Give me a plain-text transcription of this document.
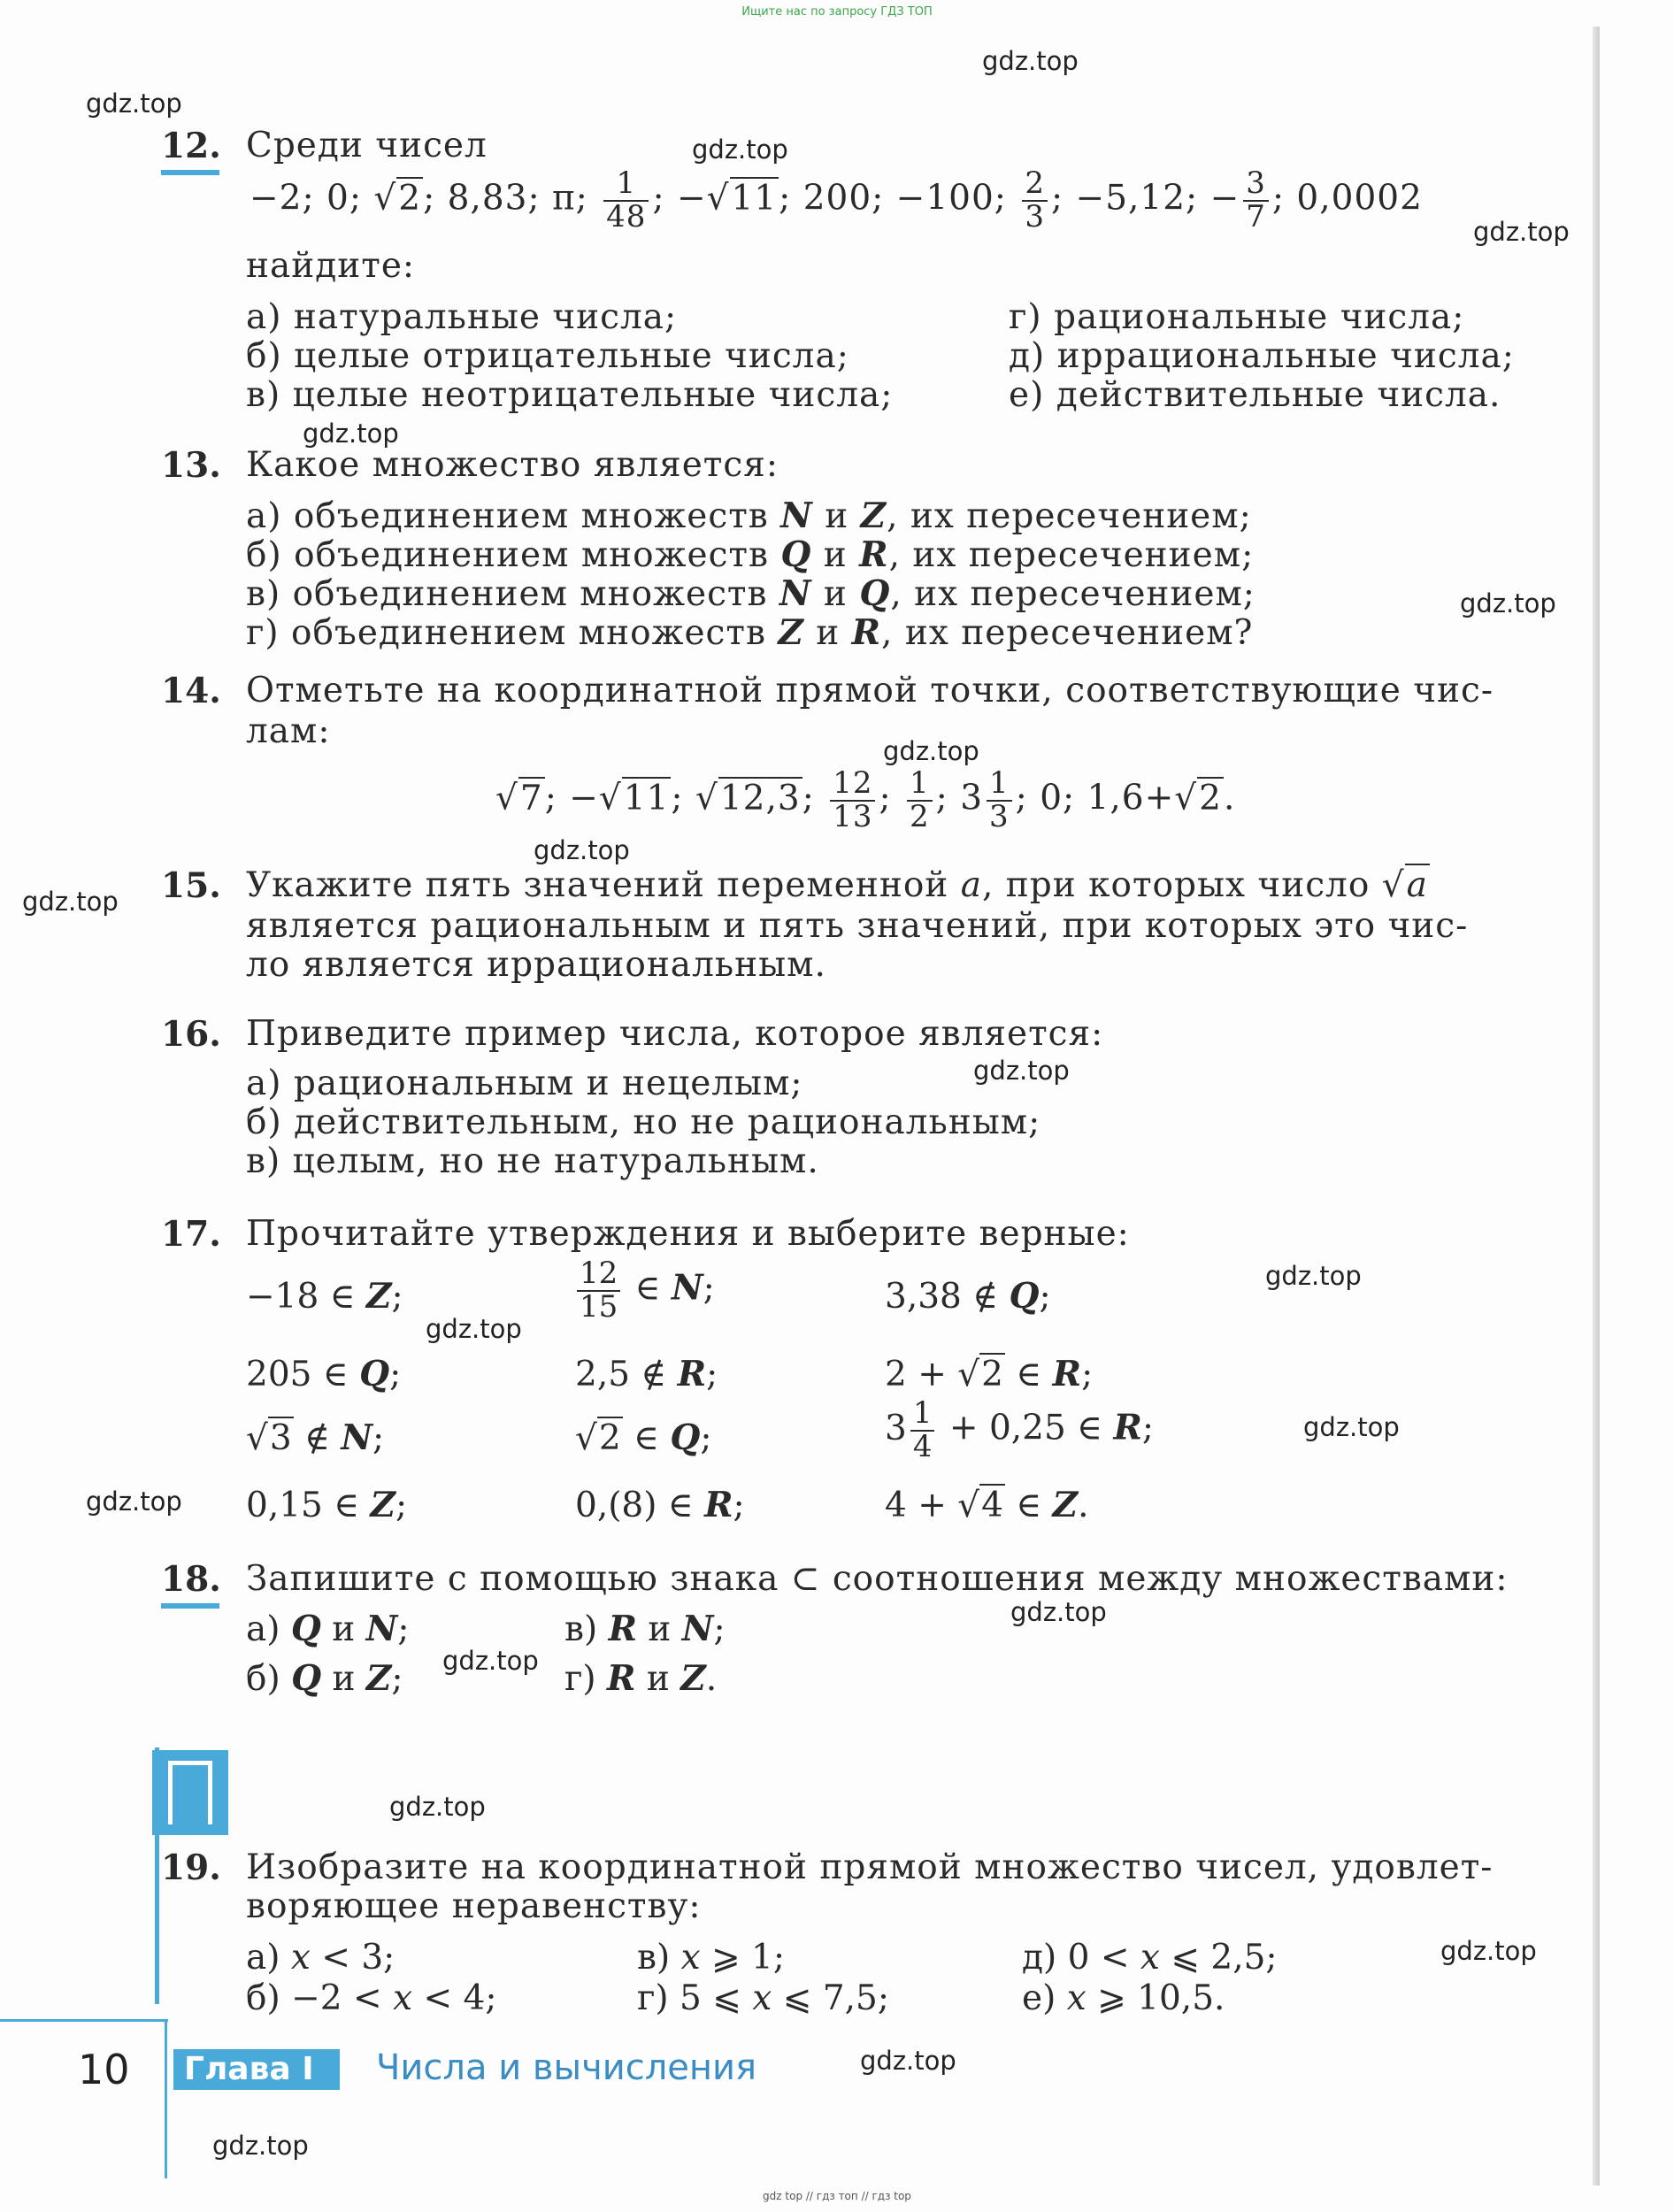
Ищите нас по запросу ГДЗ ТОП
gdz.top
gdz.top
gdz.top
gdz.top
gdz.top
gdz.top
gdz.top
gdz.top
gdz.top
gdz.top
gdz.top
gdz.top
gdz.top
gdz.top
gdz.top
gdz.top
gdz.top
gdz.top
gdz.top
gdz.top
12. Среди чисел
−2; 0; √2; 8,83; π; $\frac{1}{48}$ ; −√11; 200; −100; $\frac{2}{3}$ ; −5,12; − $\frac{3}{7}$ ; 0,0002
найдите:
а) натуральные числа;
б) целые отрицательные числа;
в) целые неотрицательные числа;
г) рациональные числа;
д) иррациональные числа;
е) действительные числа.
13. Какое множество является:
а) объединением множеств N и Z, их пересечением;
б) объединением множеств Q и R, их пересечением;
в) объединением множеств N и Q, их пересечением;
г) объединением множеств Z и R, их пересечением?
14. Отметьте на координатной прямой точки, соответствующие чис-
лам:
√7; −√11; √12,3; $\frac{12}{13}$ ; $\frac{1}{2}$ ; $3 \frac{1}{3}$ ; 0; 1,6+√2.
15. Укажите пять значений переменной a, при которых число √a
является рациональным и пять значений, при которых это чис-
ло является иррациональным.
16. Приведите пример числа, которое является:
а) рациональным и нецелым;
б) действительным, но не рациональным;
в) целым, но не натуральным.
17. Прочитайте утверждения и выберите верные:
−18 ∈ Z;	$\frac{12}{15}$ ∈ N;	3,38 ∉ Q;
205 ∈ Q;	2,5 ∉ R;	2 + √2 ∈ R;
√3 ∉ N;	√2 ∈ Q;	$3 \frac{1}{4} + 0,25$ ∈ R;
0,15 ∈ Z;	0,(8) ∈ R;	4 + √4 ∈ Z.
18. Запишите с помощью знака ⊂ соотношения между множествами:
а) Q и N;
б) Q и Z;
в) R и N;
г) R и Z.
19. Изобразите на координатной прямой множество чисел, удовлет-
воряющее неравенству:
а) x < 3;
б) −2 < x < 4;
в) x ⩾ 1;
г) 5 ⩽ x ⩽ 7,5;
д) 0 < x ⩽ 2,5;
е) x ⩾ 10,5.
10	Глава I	Числа и вычисления
gdz top // гдз топ // гдз top
